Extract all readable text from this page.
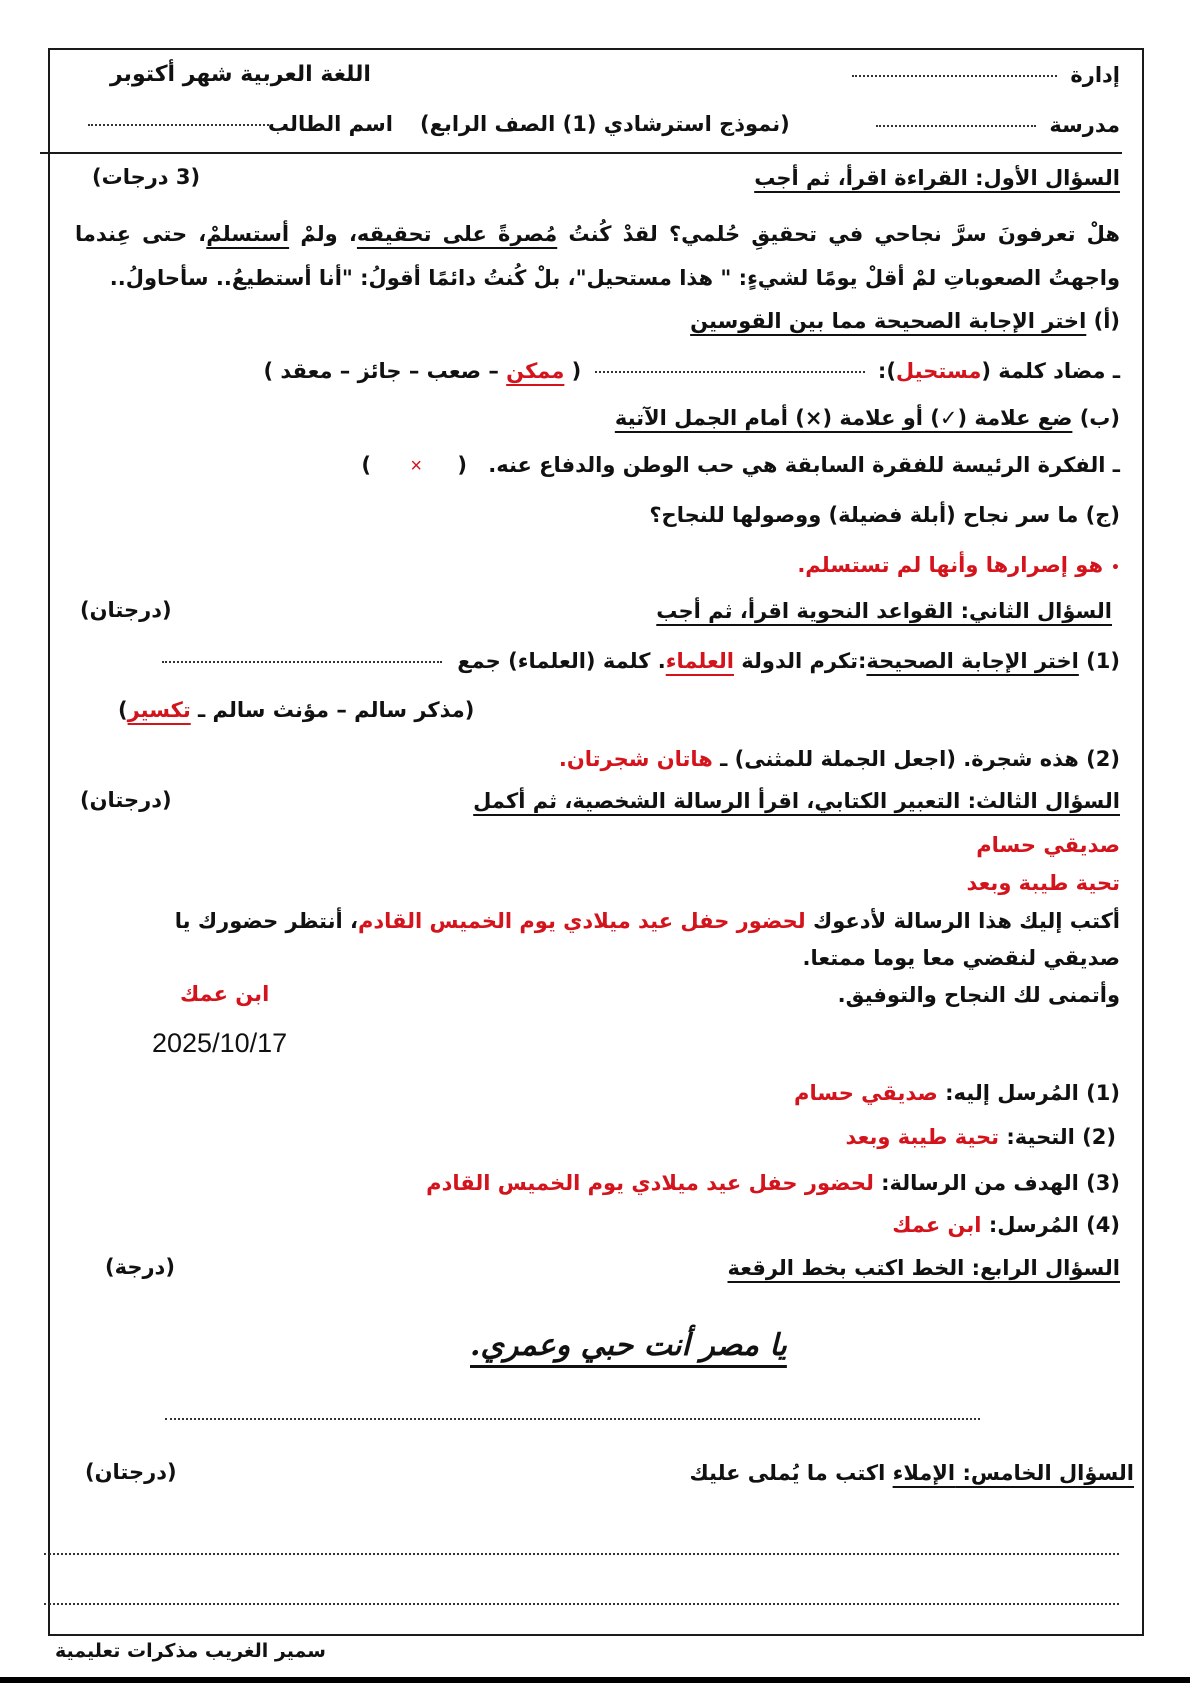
إدارة
اللغة العربية شهر أكتوبر
مدرسة
(نموذج استرشادي (1) الصف الرابع)
اسم الطالب
السؤال الأول: القراءة اقرأ، ثم أجب
(3 درجات)
هلْ تعرفونَ سرَّ نجاحي في تحقيقِ حُلمي؟ لقدْ كُنتُ مُصرةً على تحقيقه، ولمْ أستسلمْ، حتى عِندما
واجهتُ الصعوباتِ لمْ أقلْ يومًا لشيءٍ: " هذا مستحيل"، بلْ كُنتُ دائمًا أقولُ: "أنا أستطيعُ.. سأحاولُ..
(أ) اختر الإجابة الصحيحة مما بين القوسين
ـ مضاد كلمة (مستحيل):  ( ممكن – صعب – جائز – معقد )
(ب) ضع علامة (✓) أو علامة (×) أمام الجمل الآتية
ـ الفكرة الرئيسة للفقرة السابقة هي حب الوطن والدفاع عنه. ( × )
(ج) ما سر نجاح (أبلة فضيلة) ووصولها للنجاح؟
•هو إصرارها وأنها لم تستسلم.
السؤال الثاني: القواعد النحوية اقرأ، ثم أجب
(درجتان)
(1) اختر الإجابة الصحيحة:تكرم الدولة العلماء. كلمة (العلماء) جمع
(مذكر سالم – مؤنث سالم ـ تكسير)
(2) هذه شجرة. (اجعل الجملة للمثنى) ـ هاتان شجرتان.
السؤال الثالث: التعبير الكتابي، اقرأ الرسالة الشخصية، ثم أكمل
(درجتان)
صديقي حسام
تحية طيبة وبعد
أكتب إليك هذا الرسالة لأدعوك لحضور حفل عيد ميلادي يوم الخميس القادم، أنتظر حضورك يا
صديقي لنقضي معا يوما ممتعا.
وأتمنى لك النجاح والتوفيق.
ابن عمك
2025/10/17
(1) المُرسل إليه: صديقي حسام
(2) التحية: تحية طيبة وبعد
(3) الهدف من الرسالة: لحضور حفل عيد ميلادي يوم الخميس القادم
(4) المُرسل: ابن عمك
السؤال الرابع: الخط اكتب بخط الرقعة
(درجة)
يا مصر أنت حبي وعمري.
السؤال الخامس: الإملاء اكتب ما يُملى عليك
(درجتان)
سمير الغريب مذكرات تعليمية
